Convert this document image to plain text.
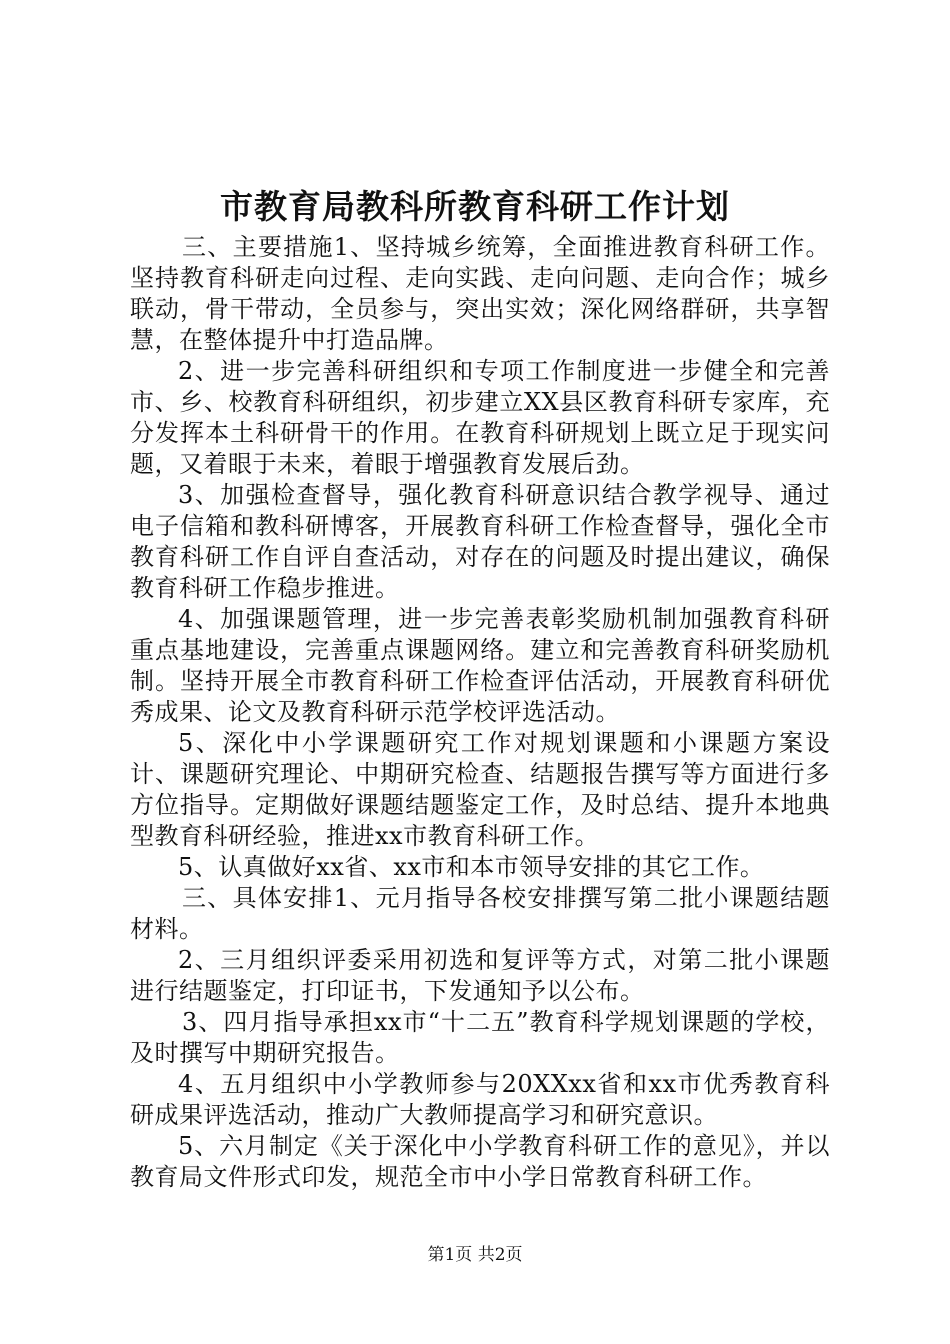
市教育局教科所教育科研工作计划

三、主要措施1、坚持城乡统筹，全面推进教育科研工作。坚持教育科研走向过程、走向实践、走向问题、走向合作；城乡联动，骨干带动，全员参与，突出实效；深化网络群研，共享智慧，在整体提升中打造品牌。

2、进一步完善科研组织和专项工作制度进一步健全和完善市、乡、校教育科研组织，初步建立XX县区教育科研专家库，充分发挥本土科研骨干的作用。在教育科研规划上既立足于现实问题，又着眼于未来，着眼于增强教育发展后劲。

3、加强检查督导，强化教育科研意识结合教学视导、通过电子信箱和教科研博客，开展教育科研工作检查督导，强化全市教育科研工作自评自查活动，对存在的问题及时提出建议，确保教育科研工作稳步推进。

4、加强课题管理，进一步完善表彰奖励机制加强教育科研重点基地建设，完善重点课题网络。建立和完善教育科研奖励机制。坚持开展全市教育科研工作检查评估活动，开展教育科研优秀成果、论文及教育科研示范学校评选活动。

5、深化中小学课题研究工作对规划课题和小课题方案设计、课题研究理论、中期研究检查、结题报告撰写等方面进行多方位指导。定期做好课题结题鉴定工作，及时总结、提升本地典型教育科研经验，推进xx市教育科研工作。

5、认真做好xx省、xx市和本市领导安排的其它工作。

三、具体安排1、元月指导各校安排撰写第二批小课题结题材料。

2、三月组织评委采用初选和复评等方式，对第二批小课题进行结题鉴定，打印证书，下发通知予以公布。

3、四月指导承担xx市“十二五”教育科学规划课题的学校，及时撰写中期研究报告。

4、五月组织中小学教师参与20XXxx省和xx市优秀教育科研成果评选活动，推动广大教师提高学习和研究意识。

5、六月制定《关于深化中小学教育科研工作的意见》，并以教育局文件形式印发，规范全市中小学日常教育科研工作。

第1页 共2页
